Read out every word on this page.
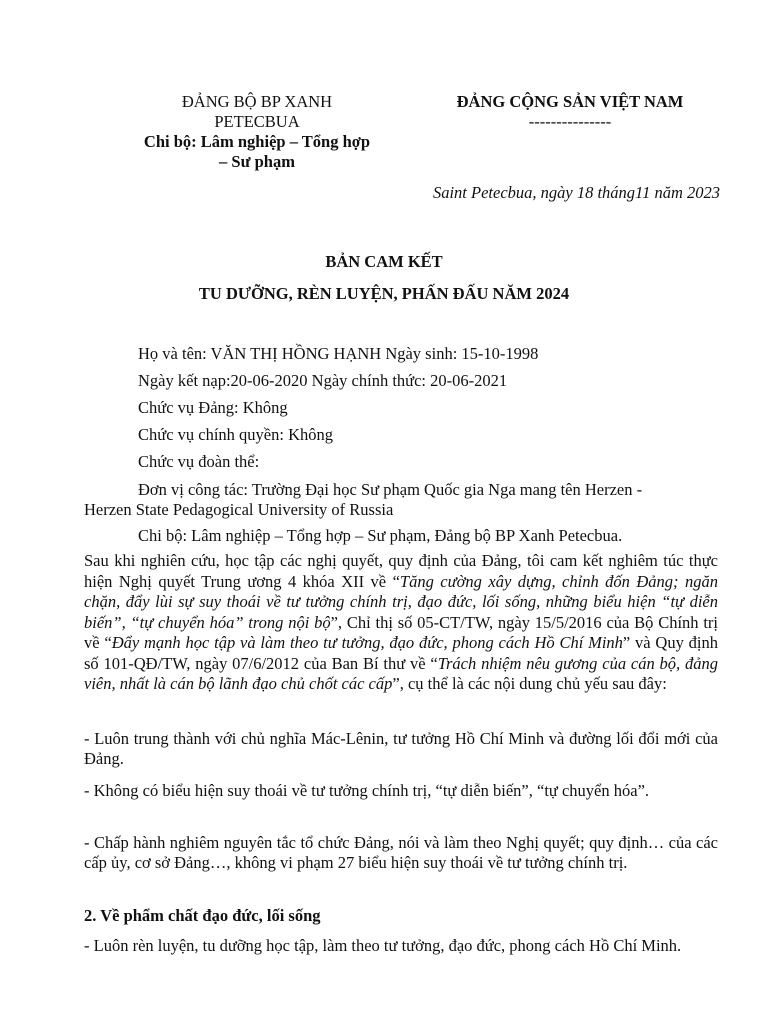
ĐẢNG BỘ BP XANH
PETECBUA
Chi bộ: Lâm nghiệp – Tổng hợp
– Sư phạm
ĐẢNG CỘNG SẢN VIỆT NAM
---------------
Saint Petecbua, ngày 18 tháng11 năm 2023
BẢN CAM KẾT
TU DƯỠNG, RÈN LUYỆN, PHẤN ĐẤU NĂM 2024
Họ và tên: VĂN THỊ HỒNG HẠNH Ngày sinh: 15-10-1998
Ngày kết nạp:20-06-2020 Ngày chính thức: 20-06-2021
Chức vụ Đảng: Không
Chức vụ chính quyền: Không
Chức vụ đoàn thể:
Đơn vị công tác: Trường Đại học Sư phạm Quốc gia Nga mang tên Herzen -
Herzen State Pedagogical University of Russia
Chi bộ: Lâm nghiệp – Tổng hợp – Sư phạm, Đảng bộ BP Xanh Petecbua.
Sau khi nghiên cứu, học tập các nghị quyết, quy định của Đảng, tôi cam kết nghiêm túc thực hiện Nghị quyết Trung ương 4 khóa XII về “Tăng cường xây dựng, chỉnh đốn Đảng; ngăn chặn, đẩy lùi sự suy thoái về tư tưởng chính trị, đạo đức, lối sống, những biểu hiện “tự diễn biến”, “tự chuyển hóa” trong nội bộ”, Chỉ thị số 05-CT/TW, ngày 15/5/2016 của Bộ Chính trị về “Đẩy mạnh học tập và làm theo tư tưởng, đạo đức, phong cách Hồ Chí Minh” và Quy định số 101-QĐ/TW, ngày 07/6/2012 của Ban Bí thư về “Trách nhiệm nêu gương của cán bộ, đảng viên, nhất là cán bộ lãnh đạo chủ chốt các cấp”, cụ thể là các nội dung chủ yếu sau đây:
- Luôn trung thành với chủ nghĩa Mác-Lênin, tư tưởng Hồ Chí Minh và đường lối đổi mới của Đảng.
- Không có biểu hiện suy thoái về tư tưởng chính trị, “tự diễn biến”, “tự chuyển hóa”.
- Chấp hành nghiêm nguyên tắc tổ chức Đảng, nói và làm theo Nghị quyết; quy định… của các cấp ủy, cơ sở Đảng…, không vi phạm 27 biểu hiện suy thoái về tư tưởng chính trị.
2. Về phẩm chất đạo đức, lối sống
- Luôn rèn luyện, tu dưỡng học tập, làm theo tư tưởng, đạo đức, phong cách Hồ Chí Minh.
